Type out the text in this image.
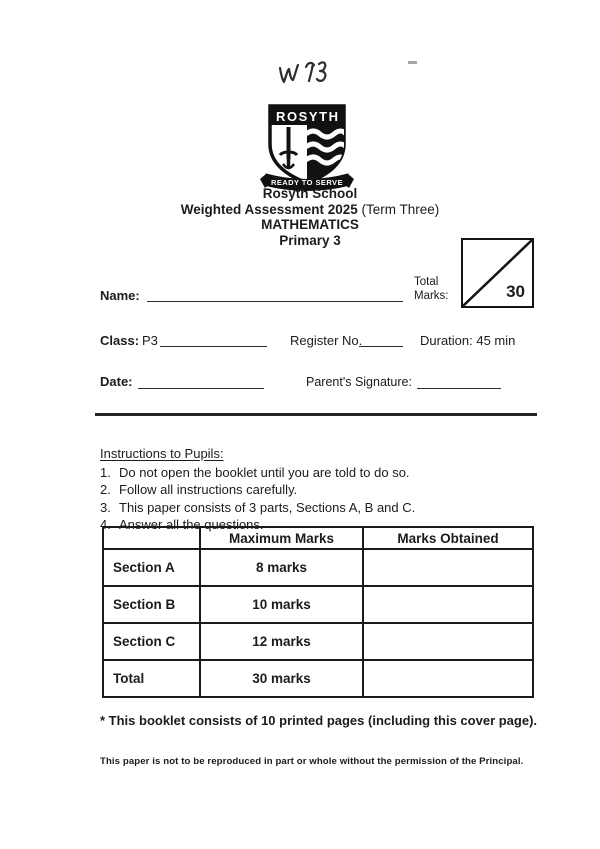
ROSYTH
READY TO SERVE
Rosyth School
Weighted Assessment 2025 (Term Three)
MATHEMATICS
Primary 3
Total
Marks:	30
Name:
Class: P3	Register No.	Duration: 45 min
Date:	Parent's Signature:
Instructions to Pupils:
1. Do not open the booklet until you are told to do so.
2. Follow all instructions carefully.
3. This paper consists of 3 parts, Sections A, B and C.
4. Answer all the questions.
	Maximum Marks	Marks Obtained
Section A	8 marks	
Section B	10 marks	
Section C	12 marks	
Total	30 marks	
* This booklet consists of 10 printed pages (including this cover page).
This paper is not to be reproduced in part or whole without the permission of the Principal.
